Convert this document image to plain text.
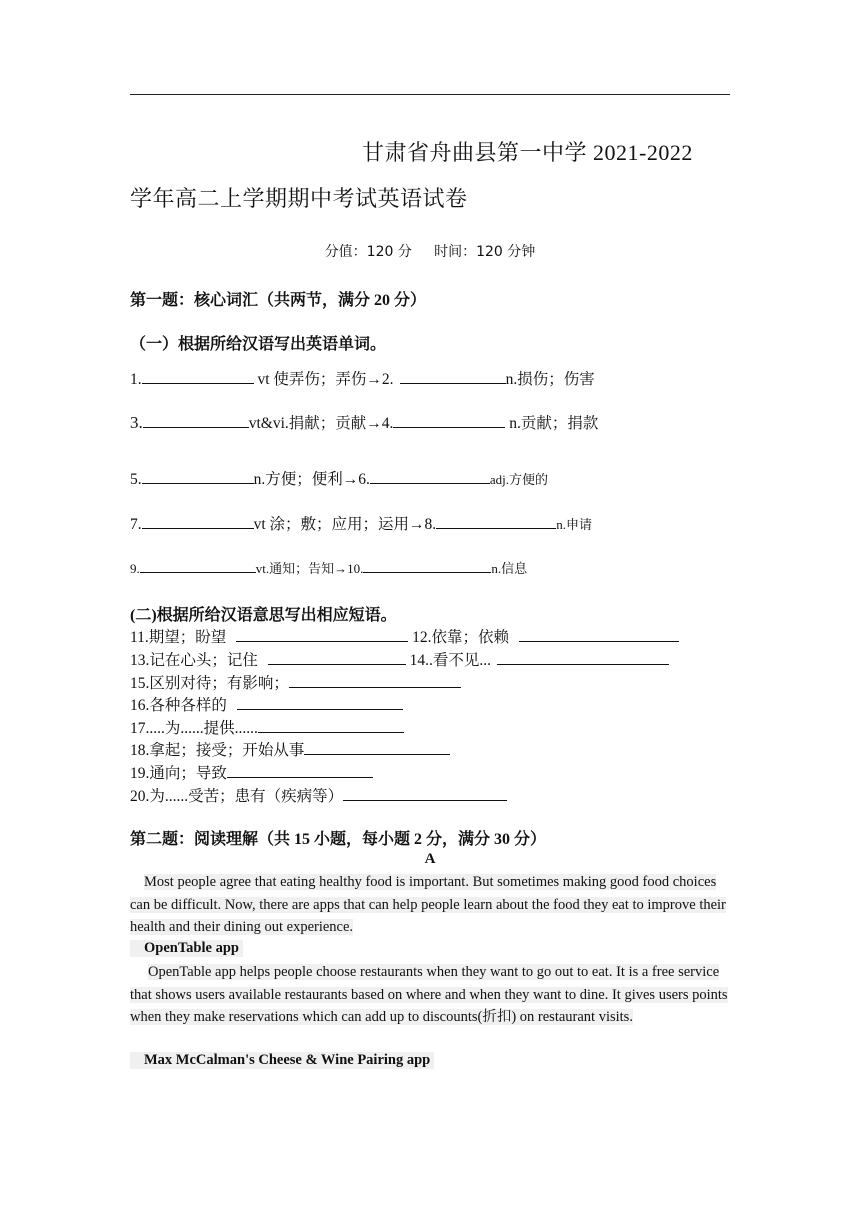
甘肃省舟曲县第一中学 2021-2022
学年高二上学期期中考试英语试卷
分值：120 分     时间：120 分钟
第一题：核心词汇（共两节，满分 20 分）
（一）根据所给汉语写出英语单词。
1.	vt 使弄伤；弄伤→2.	n.损伤；伤害
3.	vt&vi.捐献；贡献→4.	n.贡献；捐款
5.	n.方便；便利→6.	adj.方便的
7.	vt 涂；敷；应用；运用→8.	n.申请
9.	vt.通知；告知→10.	n.信息
(二)根据所给汉语意思写出相应短语。
11.期望；盼望	12.依靠；依赖
13.记在心头；记住	14..看不见...
15.区别对待；有影响；
16.各种各样的
17.....为......提供......
18.拿起；接受；开始从事
19.通向；导致
20.为......受苦；患有（疾病等）
第二题：阅读理解（共 15 小题，每小题 2 分，满分 30 分）
A
Most people agree that eating healthy food is important. But sometimes making good food choices can be difficult. Now, there are apps that can help people learn about the food they eat to improve their health and their dining out experience.
OpenTable app
OpenTable app helps people choose restaurants when they want to go out to eat. It is a free service that shows users available restaurants based on where and when they want to dine. It gives users points when they make reservations which can add up to discounts(折扣) on restaurant visits.
Max McCalman's Cheese & Wine Pairing app
